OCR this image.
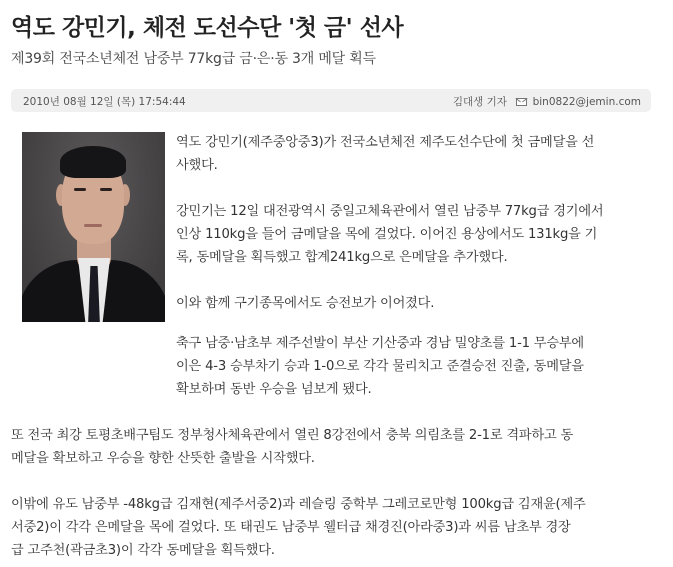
역도 강민기, 체전 도선수단 '첫 금' 선사
제39회 전국소년체전 남중부 77kg급 금·은·동 3개 메달 획득
2010년 08월 12일 (목) 17:54:44	김대생 기자 bin0822@jemin.com

역도 강민기(제주중앙중3)가 전국소년체전 제주도선수단에 첫 금메달을 선
사했다.

강민기는 12일 대전광역시 중일고체육관에서 열린 남중부 77kg급 경기에서
인상 110kg을 들어 금메달을 목에 걸었다. 이어진 용상에서도 131kg을 기
록, 동메달을 획득했고 합계241kg으로 은메달을 추가했다.

이와 함께 구기종목에서도 승전보가 이어졌다.

축구 남중·남초부 제주선발이 부산 기산중과 경남 밀양초를 1-1 무승부에
이은 4-3 승부차기 승과 1-0으로 각각 물리치고 준결승전 진출, 동메달을
확보하며 동반 우승을 넘보게 됐다.

또 전국 최강 토평초배구팀도 정부청사체육관에서 열린 8강전에서 충북 의림초를 2-1로 격파하고 동
메달을 확보하고 우승을 향한 산뜻한 출발을 시작했다.

이밖에 유도 남중부 -48kg급 김재현(제주서중2)과 레슬링 중학부 그레코로만형 100kg급 김재윤(제주
서중2)이 각각 은메달을 목에 걸었다. 또 태권도 남중부 웰터급 채경진(아라중3)과 씨름 남초부 경장
급 고주천(곽금초3)이 각각 동메달을 획득했다.
